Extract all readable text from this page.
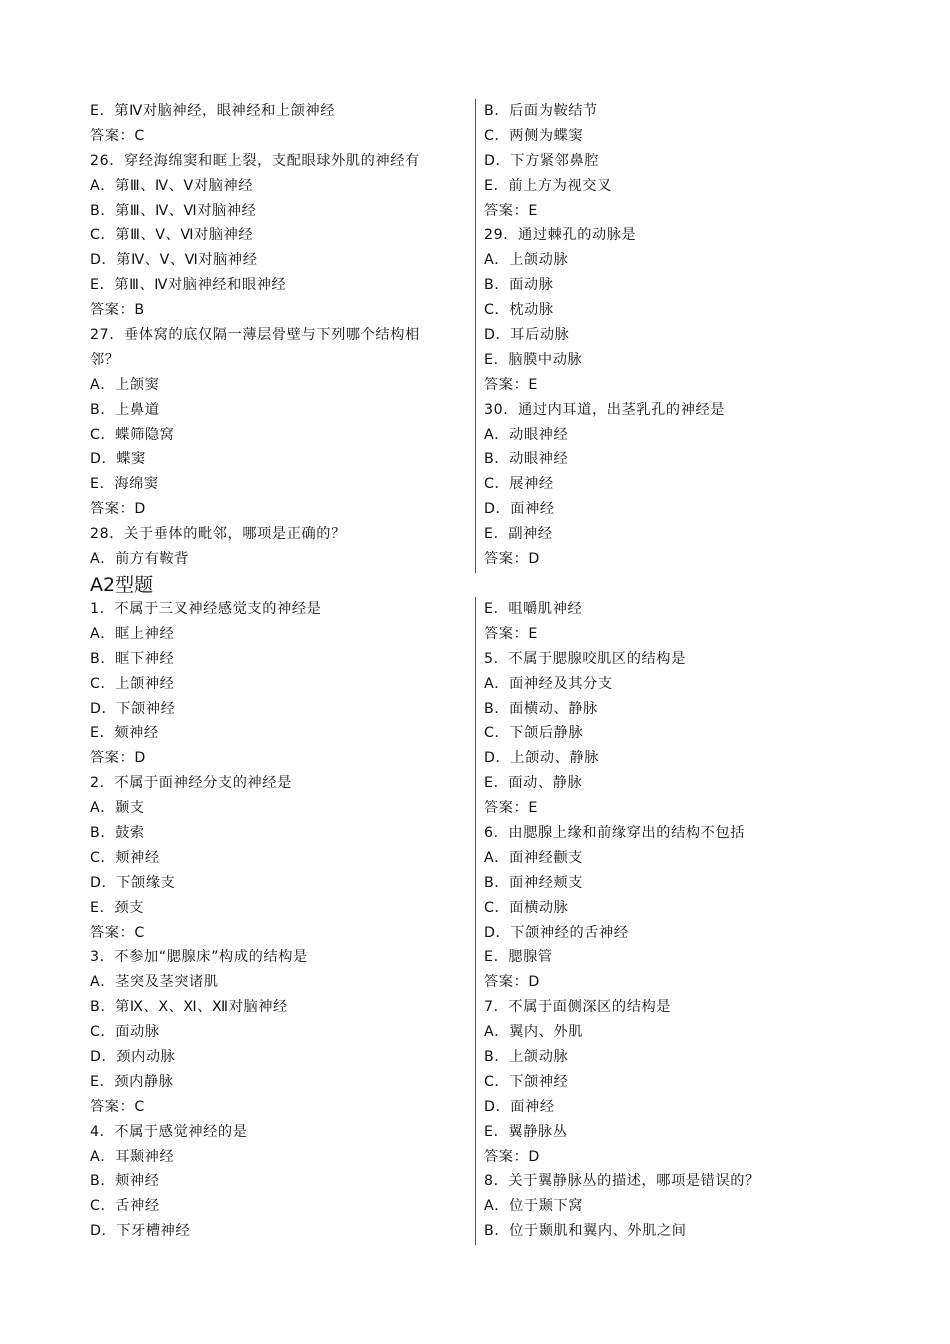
E．第Ⅳ对脑神经，眼神经和上颌神经
答案：C
26．穿经海绵窦和眶上裂，支配眼球外肌的神经有
A．第Ⅲ、Ⅳ、Ⅴ对脑神经
B．第Ⅲ、Ⅳ、Ⅵ对脑神经
C．第Ⅲ、Ⅴ、Ⅵ对脑神经
D．第Ⅳ、Ⅴ、Ⅵ对脑神经
E．第Ⅲ、Ⅳ对脑神经和眼神经
答案：B
27．垂体窝的底仅隔一薄层骨壁与下列哪个结构相
邻？
A．上颌窦
B．上鼻道
C．蝶筛隐窝
D．蝶窦
E．海绵窦
答案：D
28．关于垂体的毗邻，哪项是正确的？
A．前方有鞍背
B．后面为鞍结节
C．两侧为蝶窦
D．下方紧邻鼻腔
E．前上方为视交叉
答案：E
29．通过棘孔的动脉是
A．上颌动脉
B．面动脉
C．枕动脉
D．耳后动脉
E．脑膜中动脉
答案：E
30．通过内耳道，出茎乳孔的神经是
A．动眼神经
B．动眼神经
C．展神经
D．面神经
E．副神经
答案：D
A2型题
1．不属于三叉神经感觉支的神经是
A．眶上神经
B．眶下神经
C．上颌神经
D．下颌神经
E．颏神经
答案：D
2．不属于面神经分支的神经是
A．颞支
B．鼓索
C．颊神经
D．下颌缘支
E．颈支
答案：C
3．不参加“腮腺床”构成的结构是
A．茎突及茎突诸肌
B．第Ⅸ、Ⅹ、Ⅺ、Ⅻ对脑神经
C．面动脉
D．颈内动脉
E．颈内静脉
答案：C
4．不属于感觉神经的是
A．耳颞神经
B．颊神经
C．舌神经
D．下牙槽神经
E．咀嚼肌神经
答案：E
5．不属于腮腺咬肌区的结构是
A．面神经及其分支
B．面横动、静脉
C．下颌后静脉
D．上颌动、静脉
E．面动、静脉
答案：E
6．由腮腺上缘和前缘穿出的结构不包括
A．面神经颧支
B．面神经颊支
C．面横动脉
D．下颌神经的舌神经
E．腮腺管
答案：D
7．不属于面侧深区的结构是
A．翼内、外肌
B．上颌动脉
C．下颌神经
D．面神经
E．翼静脉丛
答案：D
8．关于翼静脉丛的描述，哪项是错误的？
A．位于颞下窝
B．位于颞肌和翼内、外肌之间
